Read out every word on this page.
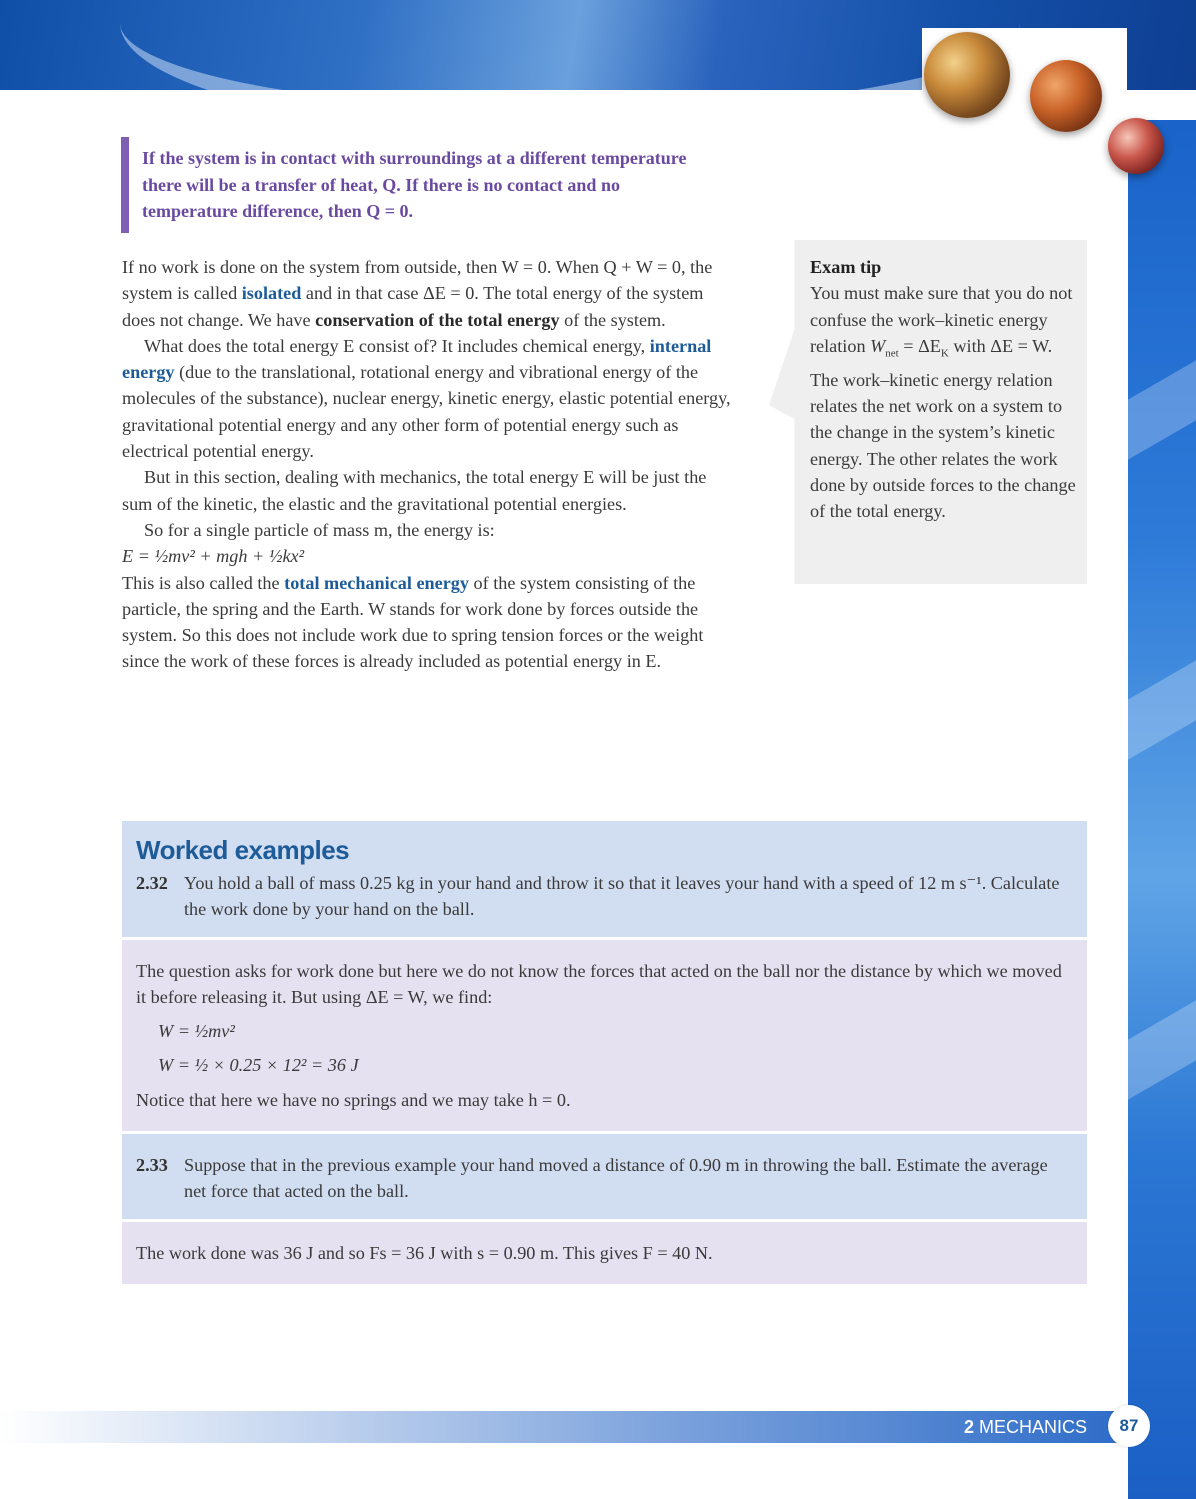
If the system is in contact with surroundings at a different temperature there will be a transfer of heat, Q. If there is no contact and no temperature difference, then Q = 0.

If no work is done on the system from outside, then W = 0. When Q + W = 0, the system is called isolated and in that case ΔE = 0. The total energy of the system does not change. We have conservation of the total energy of the system.

What does the total energy E consist of? It includes chemical energy, internal energy (due to the translational, rotational energy and vibrational energy of the molecules of the substance), nuclear energy, kinetic energy, elastic potential energy, gravitational potential energy and any other form of potential energy such as electrical potential energy.

But in this section, dealing with mechanics, the total energy E will be just the sum of the kinetic, the elastic and the gravitational potential energies.

So for a single particle of mass m, the energy is:

E = ½mv² + mgh + ½kx²

This is also called the total mechanical energy of the system consisting of the particle, the spring and the Earth. W stands for work done by forces outside the system. So this does not include work due to spring tension forces or the weight since the work of these forces is already included as potential energy in E.

Exam tip
You must make sure that you do not confuse the work–kinetic energy relation $W_{net} = \Delta E_K$ with ΔE = W. The work–kinetic energy relation relates the net work on a system to the change in the system’s kinetic energy. The other relates the work done by outside forces to the change of the total energy.
Worked examples
2.32 You hold a ball of mass 0.25 kg in your hand and throw it so that it leaves your hand with a speed of 12 m s⁻¹. Calculate the work done by your hand on the ball.

The question asks for work done but here we do not know the forces that acted on the ball nor the distance by which we moved it before releasing it. But using ΔE = W, we find:

W = ½mv²

W = ½ × 0.25 × 12² = 36 J

Notice that here we have no springs and we may take h = 0.

2.33 Suppose that in the previous example your hand moved a distance of 0.90 m in throwing the ball. Estimate the average net force that acted on the ball.

The work done was 36 J and so Fs = 36 J with s = 0.90 m. This gives F = 40 N.

2 MECHANICS	87
